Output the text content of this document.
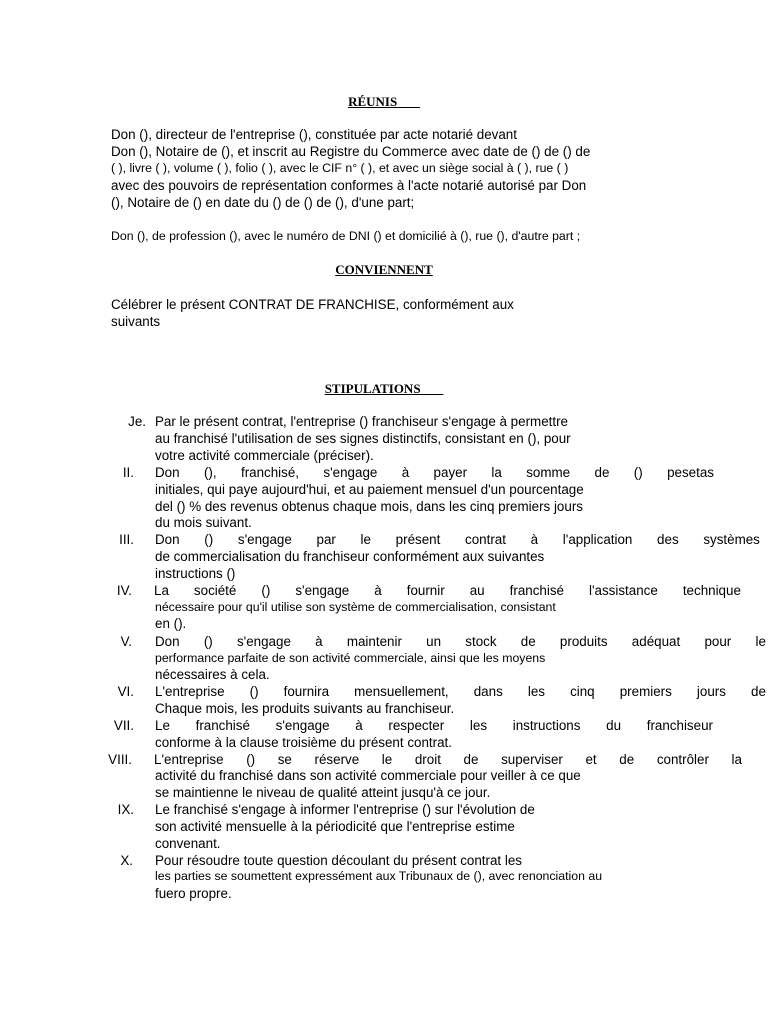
RÉUNIS
CONVIENNENT
STIPULATIONS
Don (), directeur de l'entreprise (), constituée par acte notarié devant
Don (), Notaire de (), et inscrit au Registre du Commerce avec date de () de () de
( ), livre ( ), volume ( ), folio ( ), avec le CIF n° ( ), et avec un siège social à ( ), rue ( )
avec des pouvoirs de représentation conformes à l'acte notarié autorisé par Don
(), Notaire de () en date du () de () de (), d'une part;
Don (), de profession (), avec le numéro de DNI () et domicilié à (), rue (), d'autre part ;
Célébrer le présent CONTRAT DE FRANCHISE, conformément aux
suivants
Je. Par le présent contrat, l'entreprise () franchiseur s'engage à permettre
au franchisé l'utilisation de ses signes distinctifs, consistant en (), pour
votre activité commerciale (préciser).
II. Don (), franchisé, s'engage à payer la somme de () pesetas
initiales, qui paye aujourd'hui, et au paiement mensuel d'un pourcentage
del () % des revenus obtenus chaque mois, dans les cinq premiers jours
du mois suivant.
III. Don () s'engage par le présent contrat à l'application des systèmes
de commercialisation du franchiseur conformément aux suivantes
instructions ()
IV. La société () s'engage à fournir au franchisé l'assistance technique
nécessaire pour qu'il utilise son système de commercialisation, consistant
en ().
V. Don () s'engage à maintenir un stock de produits adéquat pour le
performance parfaite de son activité commerciale, ainsi que les moyens
nécessaires à cela.
VI. L'entreprise () fournira mensuellement, dans les cinq premiers jours de
Chaque mois, les produits suivants au franchiseur.
VII. Le franchisé s'engage à respecter les instructions du franchiseur
conforme à la clause troisième du présent contrat.
VIII. L'entreprise () se réserve le droit de superviser et de contrôler la
activité du franchisé dans son activité commerciale pour veiller à ce que
se maintienne le niveau de qualité atteint jusqu'à ce jour.
IX. Le franchisé s'engage à informer l'entreprise () sur l'évolution de
son activité mensuelle à la périodicité que l'entreprise estime
convenant.
X. Pour résoudre toute question découlant du présent contrat les
les parties se soumettent expressément aux Tribunaux de (), avec renonciation au
fuero propre.
